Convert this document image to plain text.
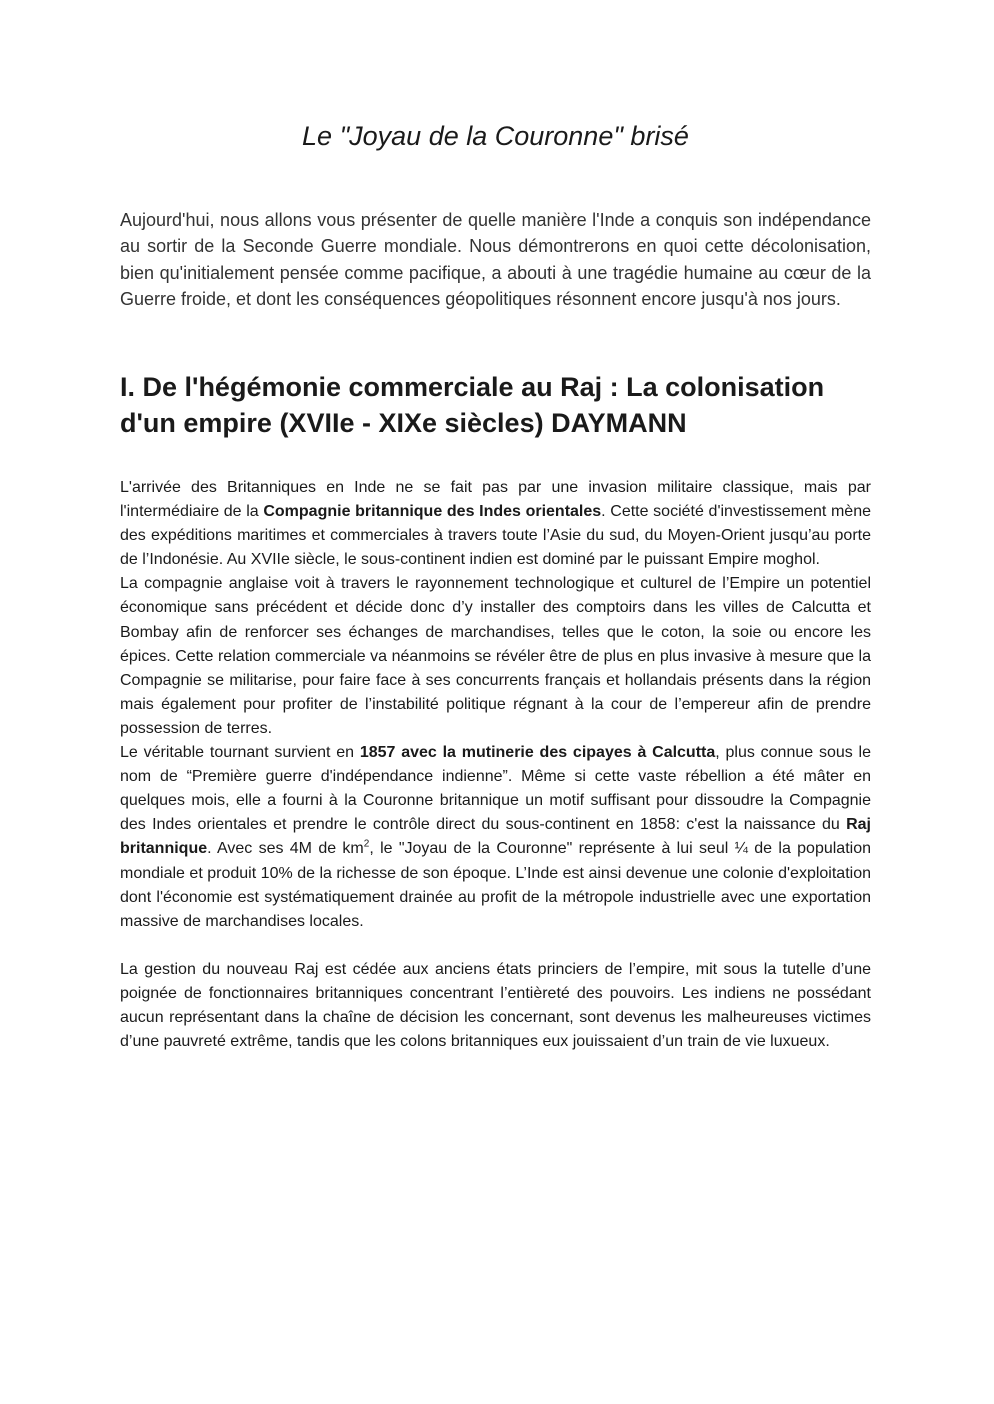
Le "Joyau de la Couronne" brisé

Aujourd'hui, nous allons vous présenter de quelle manière l'Inde a conquis son indépendance au sortir de la Seconde Guerre mondiale. Nous démontrerons en quoi cette décolonisation, bien qu'initialement pensée comme pacifique, a abouti à une tragédie humaine au cœur de la Guerre froide, et dont les conséquences géopolitiques résonnent encore jusqu'à nos jours.

I. De l'hégémonie commerciale au Raj : La colonisation d'un empire (XVIIe - XIXe siècles) DAYMANN

L'arrivée des Britanniques en Inde ne se fait pas par une invasion militaire classique, mais par l'intermédiaire de la Compagnie britannique des Indes orientales. Cette société d'investissement mène des expéditions maritimes et commerciales à travers toute l’Asie du sud, du Moyen-Orient jusqu’au porte de l’Indonésie. Au XVIIe siècle, le sous-continent indien est dominé par le puissant Empire moghol.

La compagnie anglaise voit à travers le rayonnement technologique et culturel de l’Empire un potentiel économique sans précédent et décide donc d’y installer des comptoirs dans les villes de Calcutta et Bombay afin de renforcer ses échanges de marchandises, telles que le coton, la soie ou encore les épices. Cette relation commerciale va néanmoins se révéler être de plus en plus invasive à mesure que la Compagnie se militarise, pour faire face à ses concurrents français et hollandais présents dans la région mais également pour profiter de l’instabilité politique régnant à la cour de l’empereur afin de prendre possession de terres.

Le véritable tournant survient en 1857 avec la mutinerie des cipayes à Calcutta, plus connue sous le nom de “Première guerre d'indépendance indienne”. Même si cette vaste rébellion a été mâter en quelques mois, elle a fourni à la Couronne britannique un motif suffisant pour dissoudre la Compagnie des Indes orientales et prendre le contrôle direct du sous-continent en 1858: c'est la naissance du Raj britannique. Avec ses 4M de $km^2$, le "Joyau de la Couronne" représente à lui seul ¼ de la population mondiale et produit 10% de la richesse de son époque. L’Inde est ainsi devenue une colonie d'exploitation dont l'économie est systématiquement drainée au profit de la métropole industrielle avec une exportation massive de marchandises locales.

La gestion du nouveau Raj est cédée aux anciens états princiers de l’empire, mit sous la tutelle d’une poignée de fonctionnaires britanniques concentrant l’entièreté des pouvoirs. Les indiens ne possédant aucun représentant dans la chaîne de décision les concernant, sont devenus les malheureuses victimes d’une pauvreté extrême, tandis que les colons britanniques eux jouissaient d’un train de vie luxueux.
